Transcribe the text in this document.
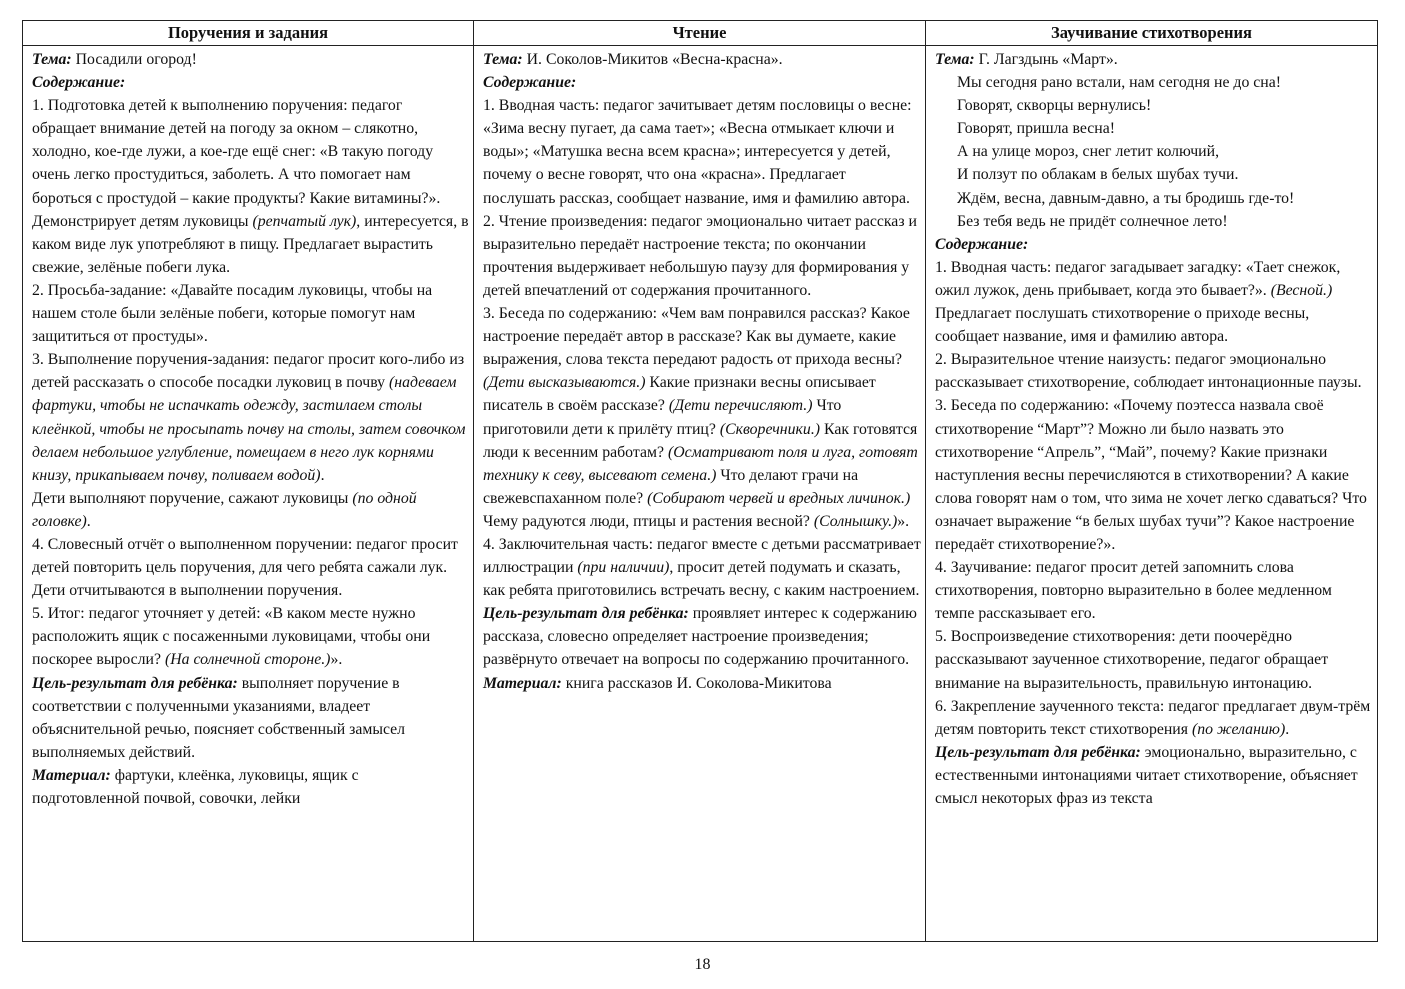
Поручения и задания	Чтение	Заучивание стихотворения

Тема: Посадили огород!

Содержание:

1. Подготовка детей к выполнению поручения: педагог обращает внимание детей на погоду за окном – слякотно, холодно, кое-где лужи, а кое-где ещё снег: «В такую погоду очень легко простудиться, заболеть. А что помогает нам бороться с простудой – какие продукты? Какие витамины?». Демонстрирует детям луковицы (репчатый лук), интересуется, в каком виде лук употребляют в пищу. Предлагает вырастить свежие, зелёные побеги лука.

2. Просьба-задание: «Давайте посадим луковицы, чтобы на нашем столе были зелёные побеги, которые помогут нам защититься от простуды».

3. Выполнение поручения-задания: педагог просит кого-либо из детей рассказать о способе посадки луковиц в почву (надеваем фартуки, чтобы не испачкать одежду, застилаем столы клеёнкой, чтобы не просыпать почву на столы, затем совочком делаем небольшое углубление, помещаем в него лук корнями книзу, прикапываем почву, поливаем водой).

Дети выполняют поручение, сажают луковицы (по одной головке).

4. Словесный отчёт о выполненном поручении: педагог просит детей повторить цель поручения, для чего ребята сажали лук. Дети отчитываются в выполнении поручения.

5. Итог: педагог уточняет у детей: «В каком месте нужно расположить ящик с посаженными луковицами, чтобы они поскорее выросли? (На солнечной стороне.)».

Цель-результат для ребёнка: выполняет поручение в соответствии с полученными указаниями, владеет объяснительной речью, поясняет собственный замысел выполняемых действий.

Материал: фартуки, клеёнка, луковицы, ящик с подготовленной почвой, совочки, лейки

Тема: И. Соколов-Микитов «Весна-красна».

Содержание:

1. Вводная часть: педагог зачитывает детям пословицы о весне: «Зима весну пугает, да сама тает»; «Весна отмыкает ключи и воды»; «Матушка весна всем красна»; интересуется у детей, почему о весне говорят, что она «красна». Предлагает послушать рассказ, сообщает название, имя и фамилию автора.

2. Чтение произведения: педагог эмоционально читает рассказ и выразительно передаёт настроение текста; по окончании прочтения выдерживает небольшую паузу для формирования у детей впечатлений от содержания прочитанного.

3. Беседа по содержанию: «Чем вам понравился рассказ? Какое настроение передаёт автор в рассказе? Как вы думаете, какие выражения, слова текста передают радость от прихода весны? (Дети высказываются.) Какие признаки весны описывает писатель в своём рассказе? (Дети перечисляют.) Что приготовили дети к прилёту птиц? (Скворечники.) Как готовятся люди к весенним работам? (Осматривают поля и луга, готовят технику к севу, высевают семена.) Что делают грачи на свежевспаханном поле? (Собирают червей и вредных личинок.) Чему радуются люди, птицы и растения весной? (Солнышку.)».

4. Заключительная часть: педагог вместе с детьми рассматривает иллюстрации (при наличии), просит детей подумать и сказать, как ребята приготовились встречать весну, с каким настроением.

Цель-результат для ребёнка: проявляет интерес к содержанию рассказа, словесно определяет настроение произведения; развёрнуто отвечает на вопросы по содержанию прочитанного.

Материал: книга рассказов И. Соколова-Микитова

Тема: Г. Лагздынь «Март».

Мы сегодня рано встали, нам сегодня не до сна!

Говорят, скворцы вернулись!

Говорят, пришла весна!

А на улице мороз, снег летит колючий,

И ползут по облакам в белых шубах тучи.

Ждём, весна, давным-давно, а ты бродишь где-то!

Без тебя ведь не придёт солнечное лето!

Содержание:

1. Вводная часть: педагог загадывает загадку: «Тает снежок, ожил лужок, день прибывает, когда это бывает?». (Весной.) Предлагает послушать стихотворение о приходе весны, сообщает название, имя и фамилию автора.

2. Выразительное чтение наизусть: педагог эмоционально рассказывает стихотворение, соблюдает интонационные паузы.

3. Беседа по содержанию: «Почему поэтесса назвала своё стихотворение “Март”? Можно ли было назвать это стихотворение “Апрель”, “Май”, почему? Какие признаки наступления весны перечисляются в стихотворении? А какие слова говорят нам о том, что зима не хочет легко сдаваться? Что означает выражение “в белых шубах тучи”? Какое настроение передаёт стихотворение?».

4. Заучивание: педагог просит детей запомнить слова стихотворения, повторно выразительно в более медленном темпе рассказывает его.

5. Воспроизведение стихотворения: дети поочерёдно рассказывают заученное стихотворение, педагог обращает внимание на выразительность, правильную интонацию.

6. Закрепление заученного текста: педагог предлагает двум-трём детям повторить текст стихотворения (по желанию).

Цель-результат для ребёнка: эмоционально, выразительно, с естественными интонациями читает стихотворение, объясняет смысл некоторых фраз из текста

18
